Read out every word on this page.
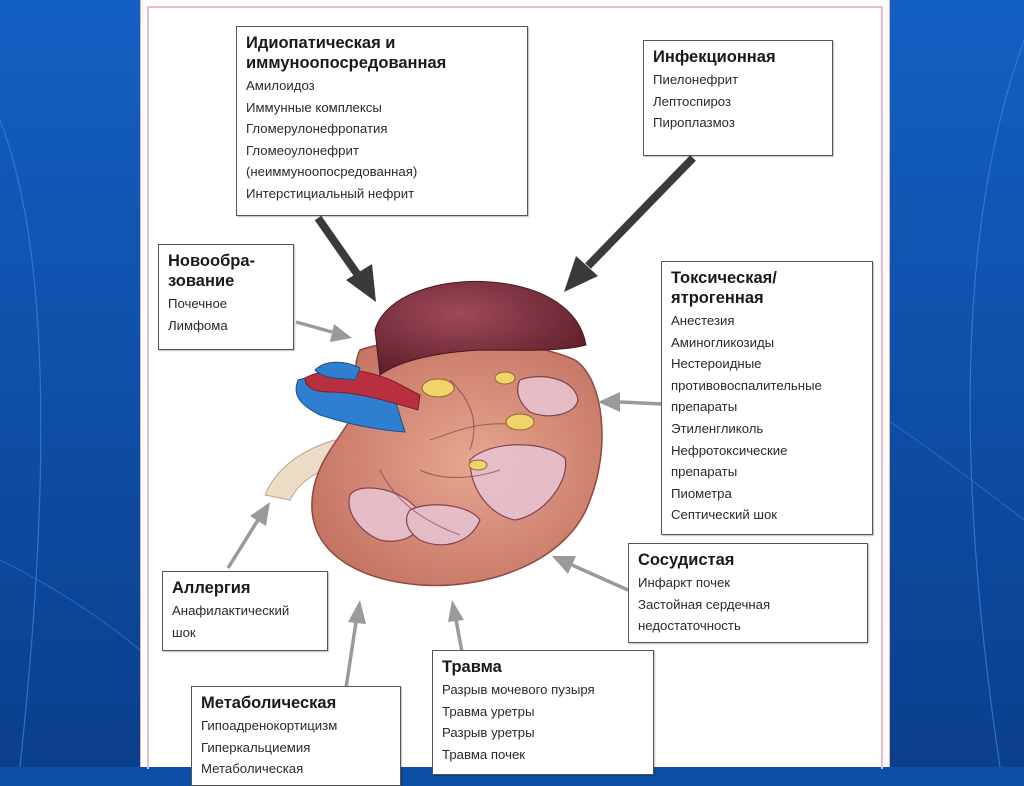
Идиопатическая и
иммуноопосредованная
Амилоидоз
Иммунные комплексы
Гломерулонефропатия
Гломеоулонефрит
(неиммуноопосредованная)
Интерстициальный нефрит
Инфекционная
Пиелонефрит
Лептоспироз
Пироплазмоз
Новообра-
зование
Почечное
Лимфома
Токсическая/
ятрогенная
Анестезия
Аминогликозиды
Нестероидные
противовоспалительные
препараты
Этиленгликоль
Нефротоксические
препараты
Пиометра
Септический шок
Сосудистая
Инфаркт почек
Застойная сердечная
недостаточность
Аллергия
Анафилактический
шок
Травма
Разрыв мочевого пузыря
Травма уретры
Разрыв уретры
Травма почек
Метаболическая
Гипоадренокортицизм
Гиперкальциемия
Метаболическая
